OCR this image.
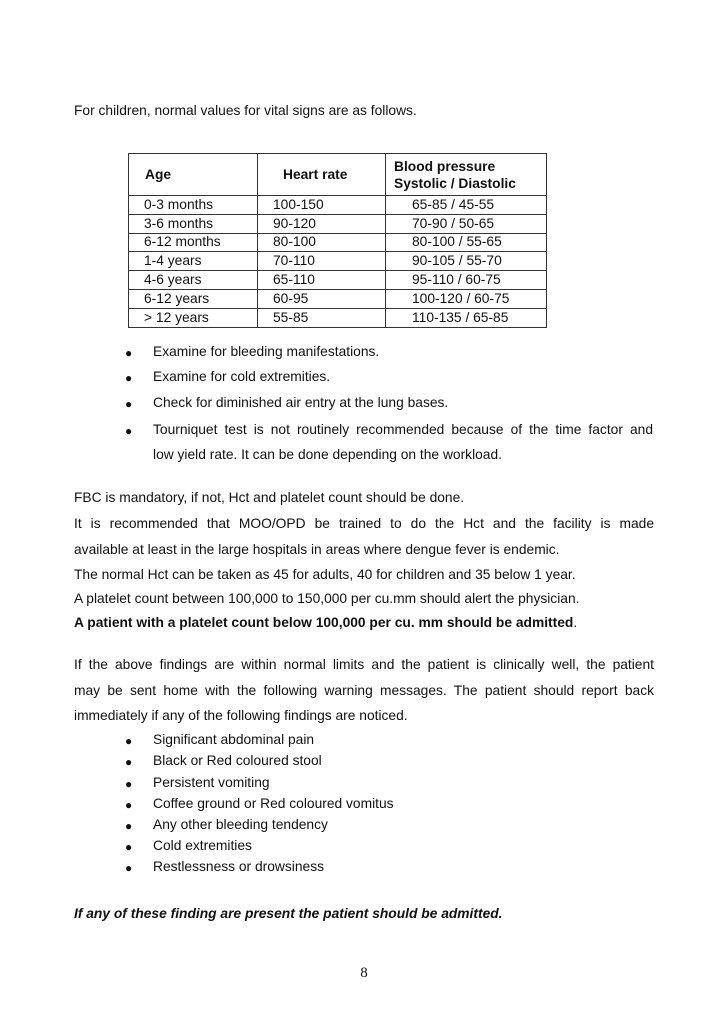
For children, normal values for vital signs are as follows.
Age	Heart rate	Blood pressure
Systolic / Diastolic

0-3 months	100-150	65-85 / 45-55
3-6 months	90-120	70-90 / 50-65
6-12 months	80-100	80-100 / 55-65
1-4 years	70-110	90-105 / 55-70
4-6 years	65-110	95-110 / 60-75
6-12 years	60-95	100-120 / 60-75
> 12 years	55-85	110-135 / 65-85
● Examine for bleeding manifestations.
● Examine for cold extremities.
● Check for diminished air entry at the lung bases.
● Tourniquet test is not routinely recommended because of the time factor and
low yield rate. It can be done depending on the workload.
FBC is mandatory, if not, Hct and platelet count should be done.
It is recommended that MOO/OPD be trained to do the Hct and the facility is made
available at least in the large hospitals in areas where dengue fever is endemic.
The normal Hct can be taken as 45 for adults, 40 for children and 35 below 1 year.
A platelet count between 100,000 to 150,000 per cu.mm should alert the physician.
A patient with a platelet count below 100,000 per cu. mm should be admitted.
If the above findings are within normal limits and the patient is clinically well, the patient
may be sent home with the following warning messages. The patient should report back
immediately if any of the following findings are noticed.
● Significant abdominal pain
● Black or Red coloured stool
● Persistent vomiting
● Coffee ground or Red coloured vomitus
● Any other bleeding tendency
● Cold extremities
● Restlessness or drowsiness
If any of these finding are present the patient should be admitted.
8
